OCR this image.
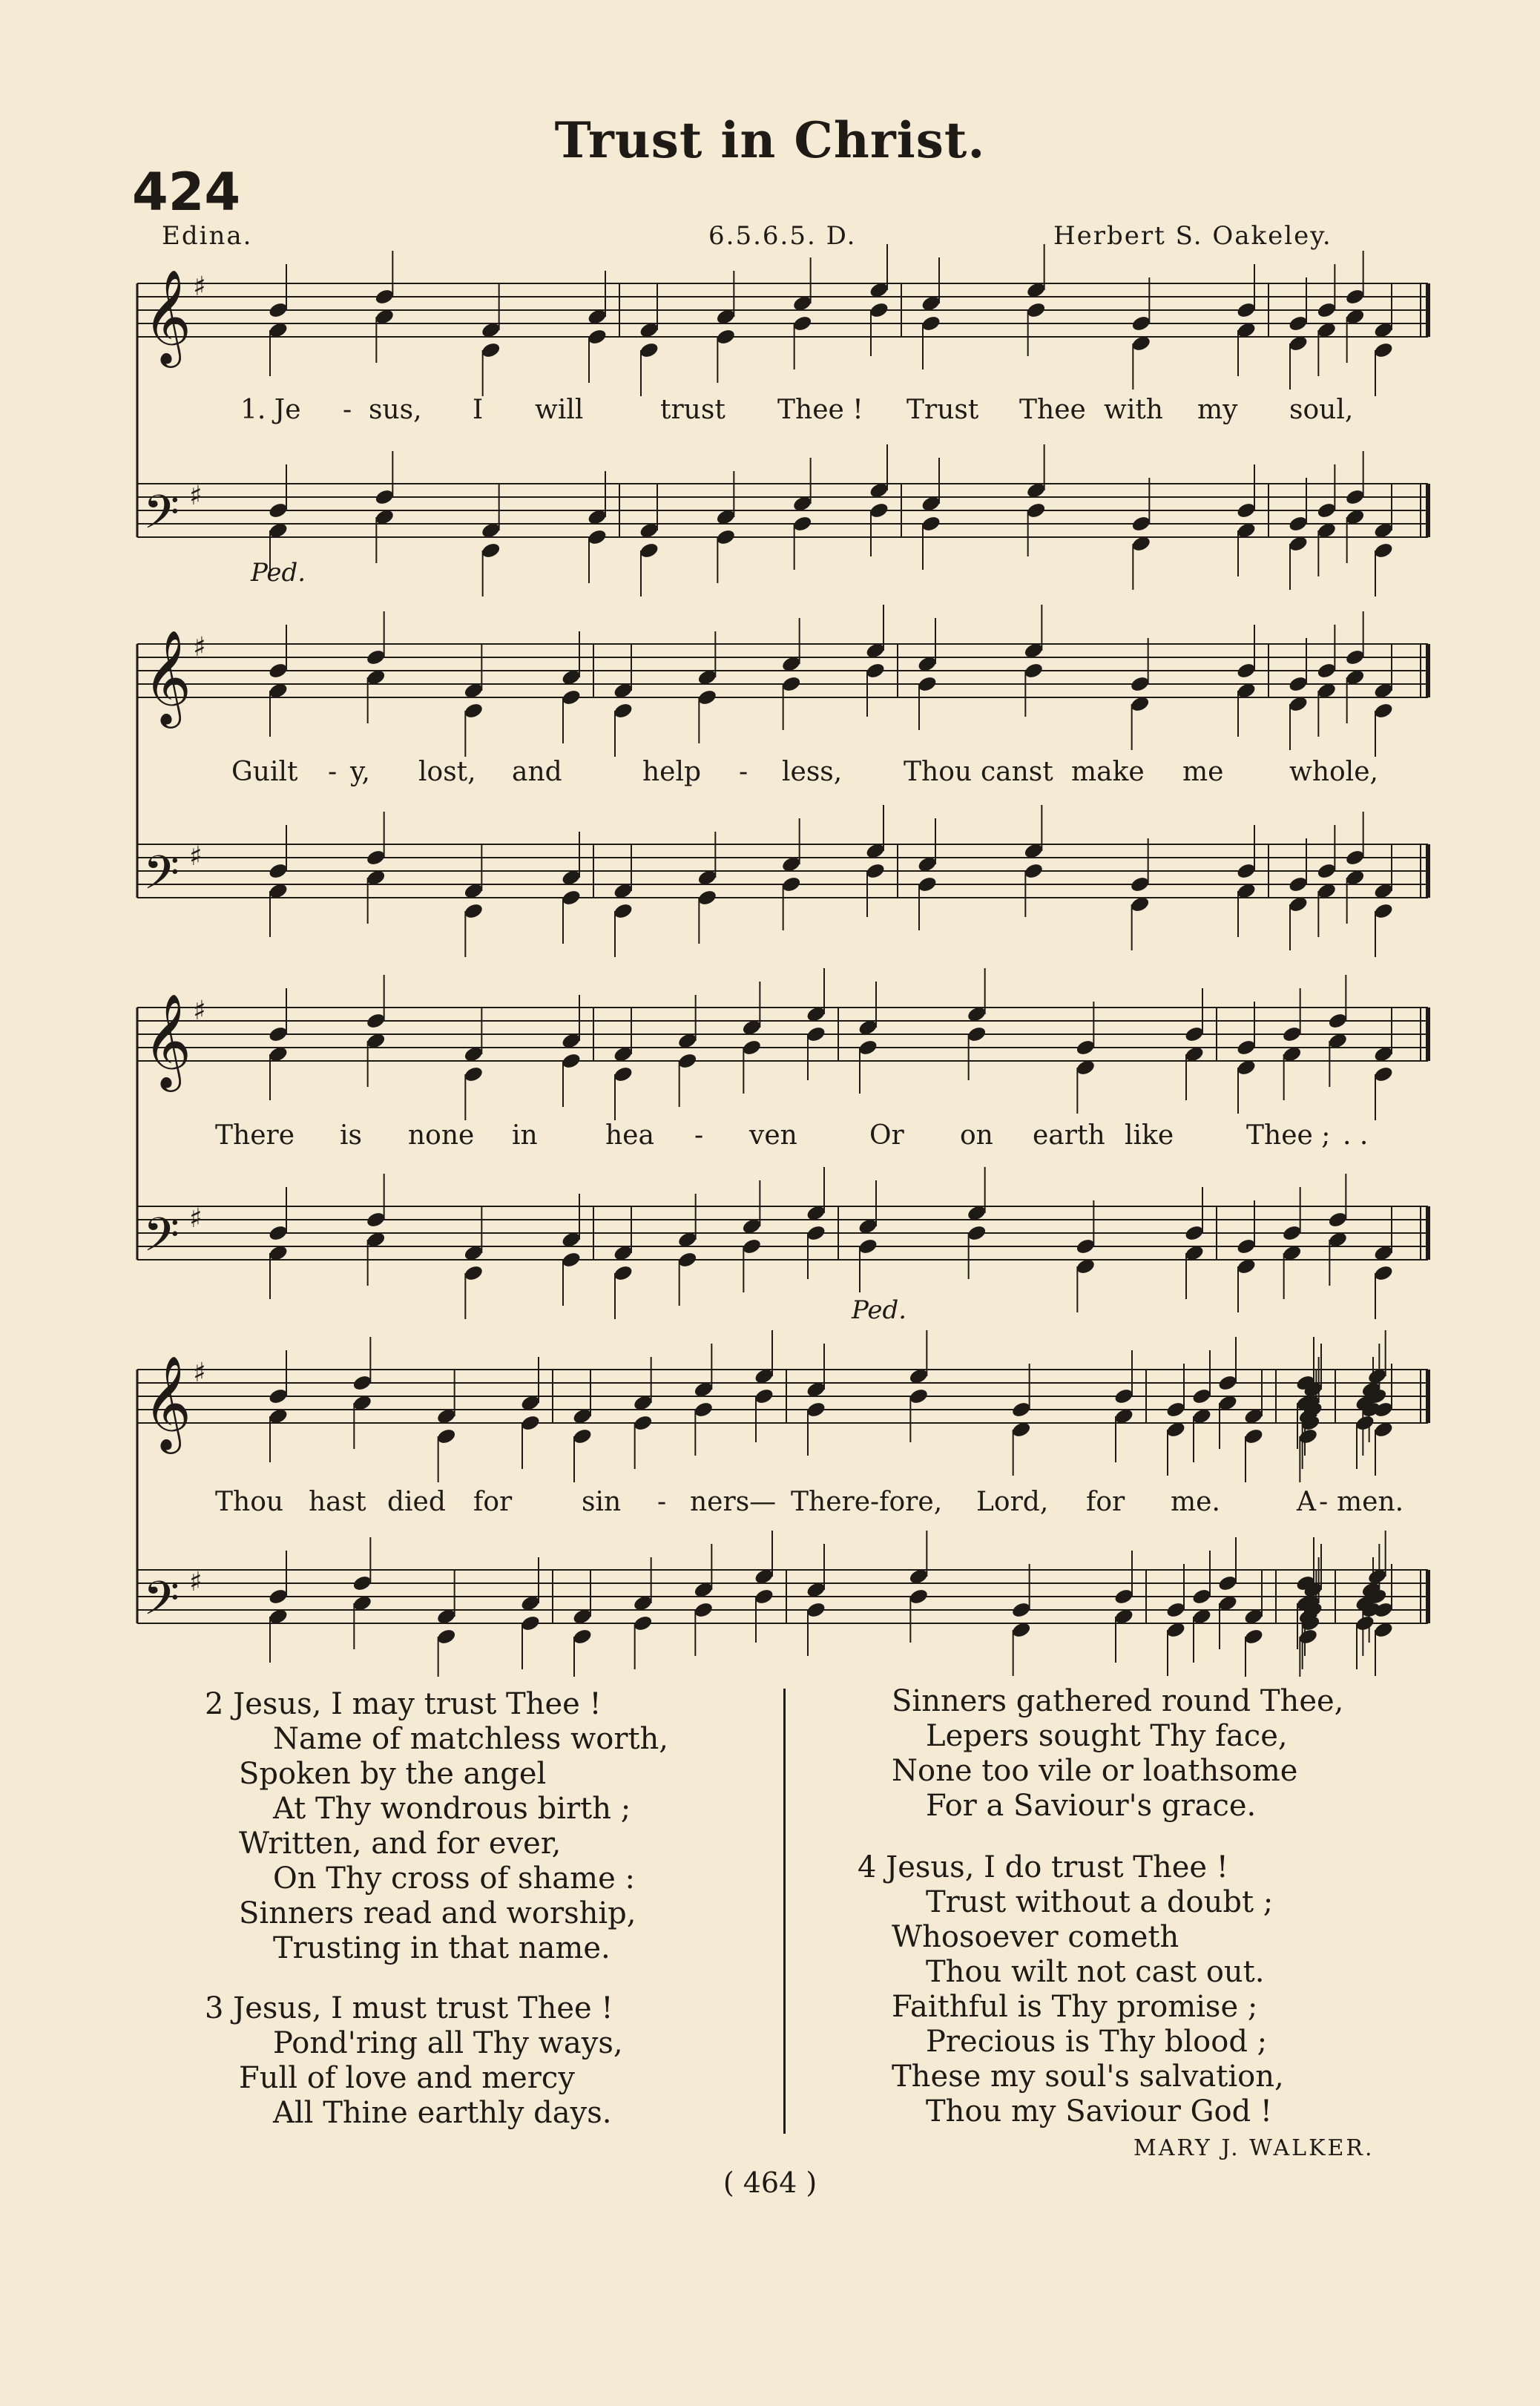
Trust in Christ.
424
Edina.	6.5.6.5. D.	Herbert S. Oakeley.
𝄞 ♯
𝄢 ♯
𝄞 ♯
𝄢 ♯
𝄞 ♯
𝄢 ♯
𝄞 ♯
𝄢 ♯
1. Je - sus, I will	trust Thee ! Trust Thee with my soul,
Guilt - y, lost, and	help - less, Thou canst make me whole,
There is none in	hea - ven	Or on earth like	Thee ; . .
Thou hast died for	sin - ners— There-fore, Lord, for me.	A - men.
Ped.
Ped.
2 Jesus, I may trust Thee !
Name of matchless worth,
Spoken by the angel
At Thy wondrous birth ;
Written, and for ever,
On Thy cross of shame :
Sinners read and worship,
Trusting in that name.
3 Jesus, I must trust Thee !
Pond'ring all Thy ways,
Full of love and mercy
All Thine earthly days.
Sinners gathered round Thee,
Lepers sought Thy face,
None too vile or loathsome
For a Saviour's grace.
4 Jesus, I do trust Thee !
Trust without a doubt ;
Whosoever cometh
Thou wilt not cast out.
Faithful is Thy promise ;
Precious is Thy blood ;
These my soul's salvation,
Thou my Saviour God !
MARY J. WALKER.
( 464 )
